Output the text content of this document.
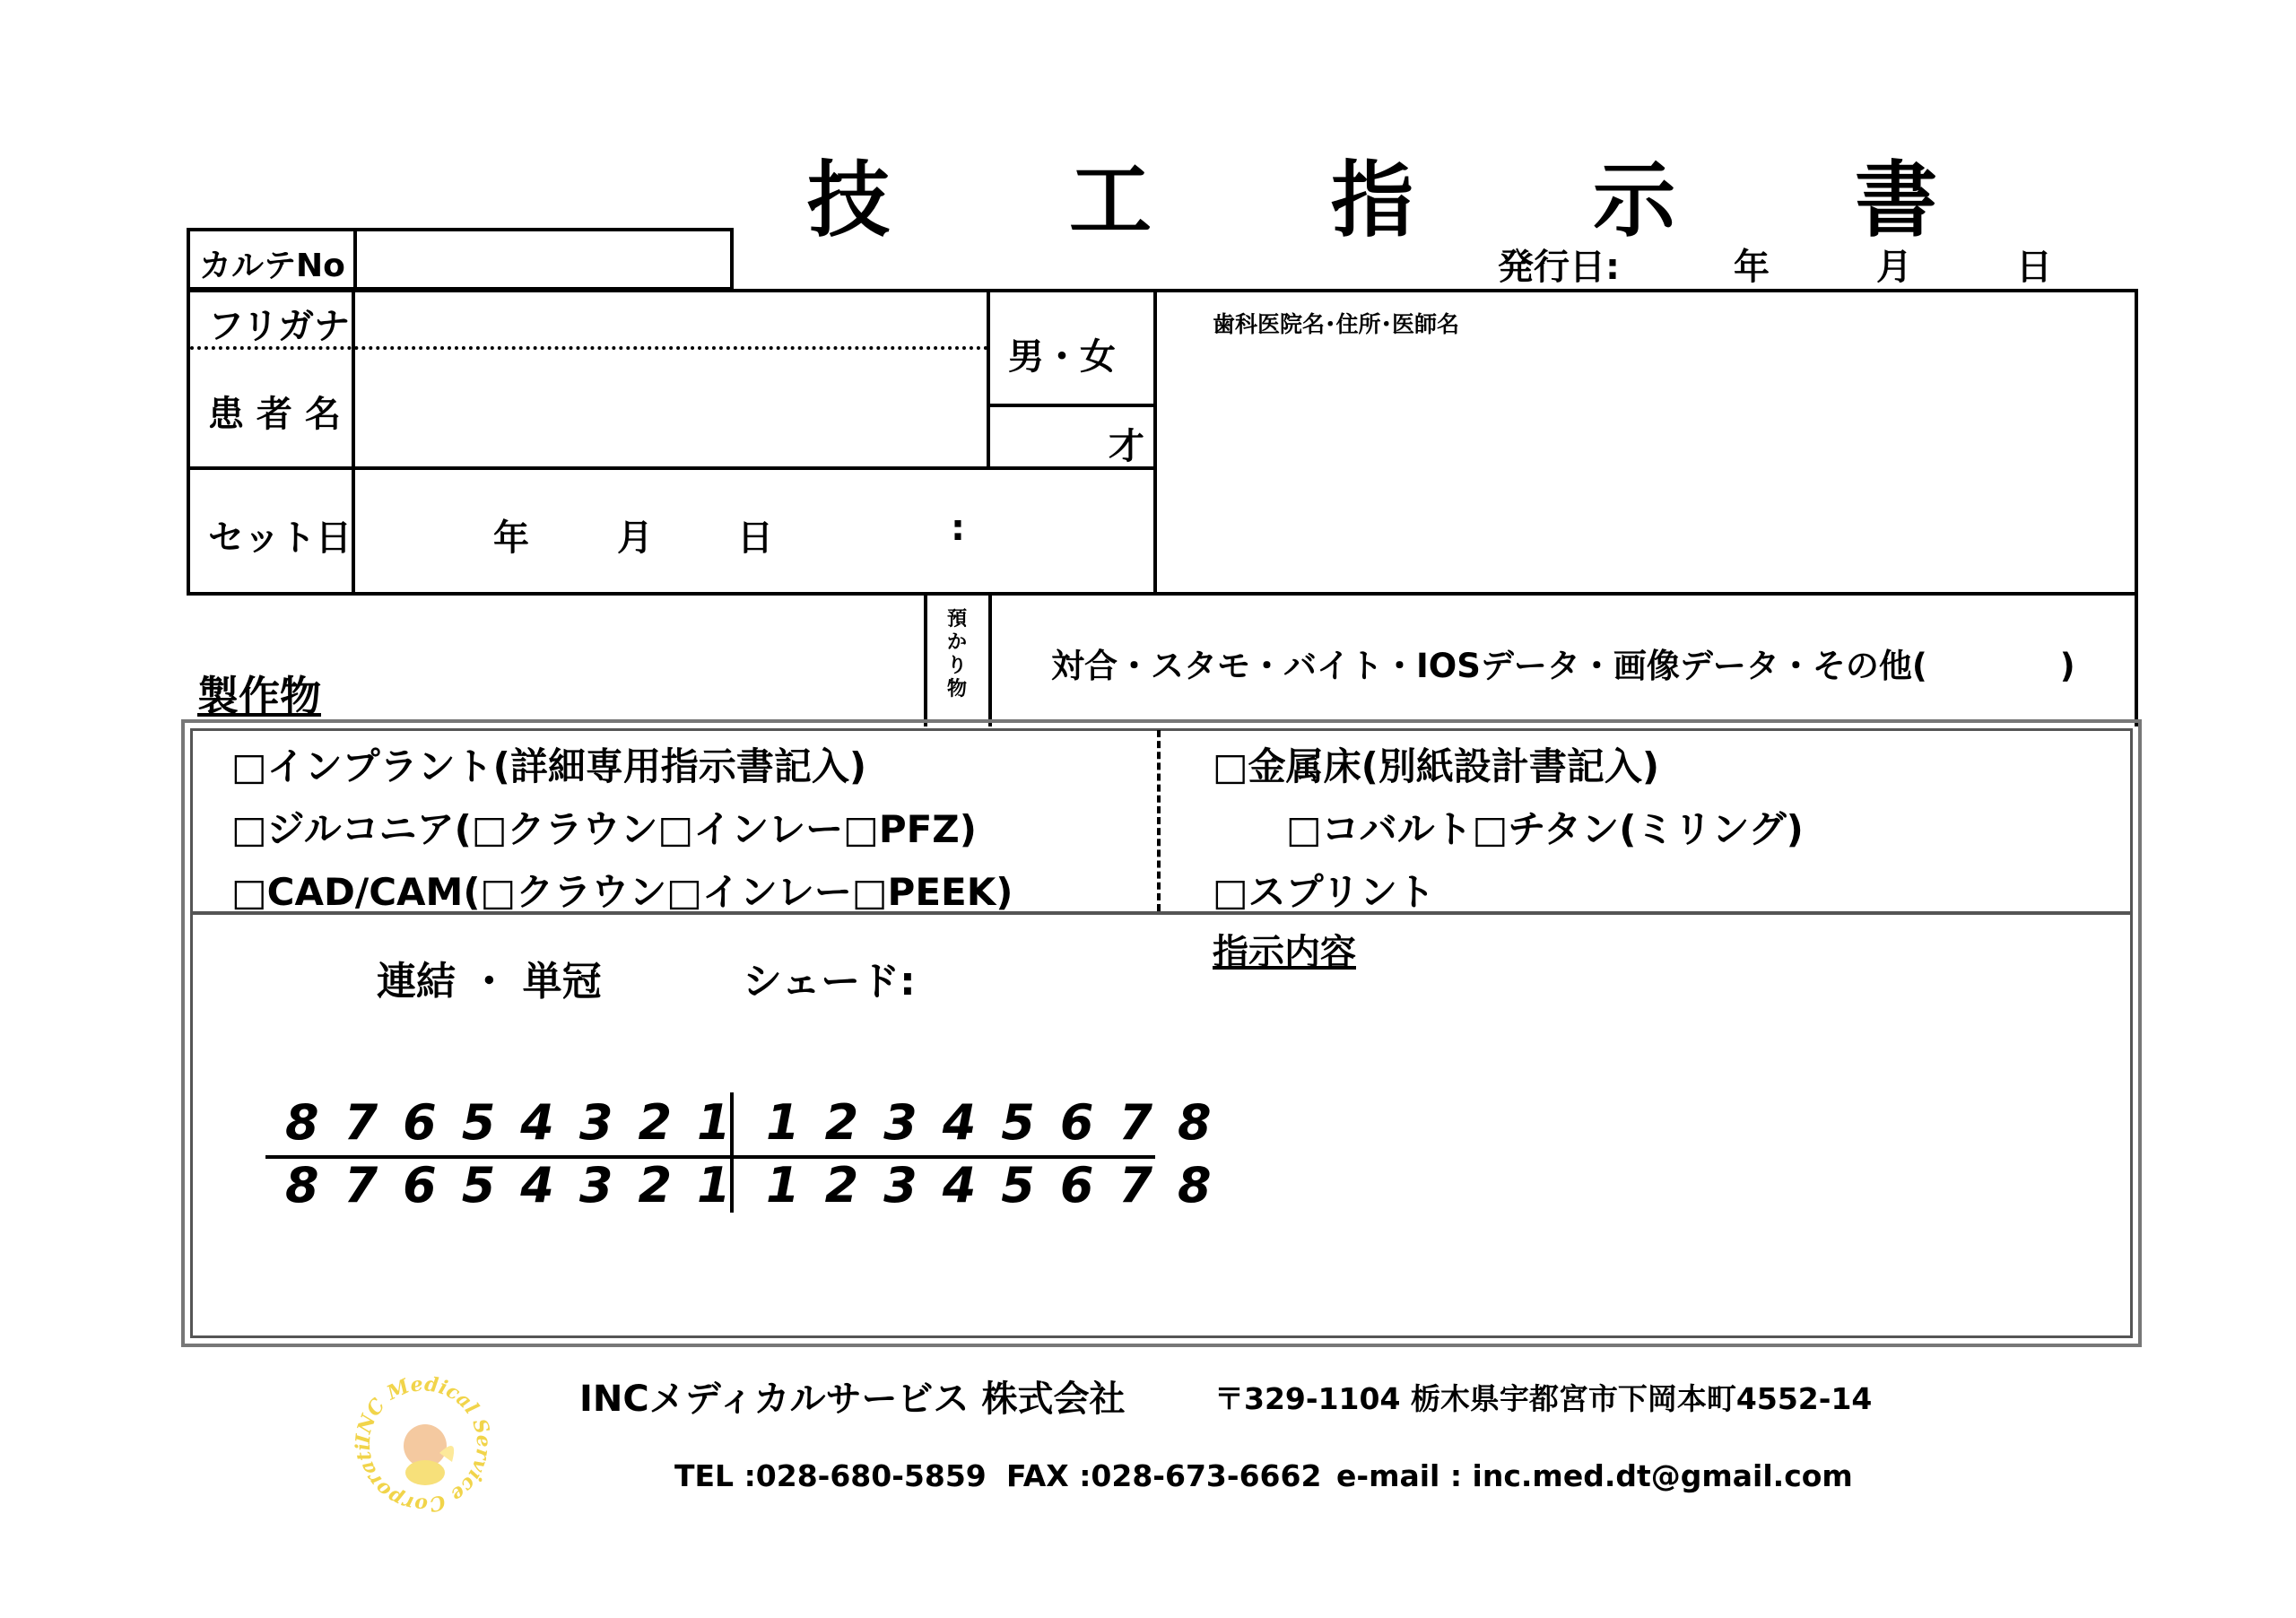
技 工 指 示 書
カルテNo	発行日:	年	月	日
フリガナ
患 者 名
男・女
才
セット日	年 月 日	:
歯科医院名･住所･医師名
預かり物
対合・スタモ・バイト・IOSデータ・画像データ・その他(　　　　)
製作物
□インプラント(詳細専用指示書記入)
□ジルコニア(□クラウン□インレー□PFZ)
□CAD/CAM(□クラウン□インレー□PEEK)
□金属床(別紙設計書記入)
□コバルト□チタン(ミリング)
□スプリント
指示内容
連結 ・ 単冠	シェード:
87654321 12345678
87654321 12345678
INC Medical Service Corporati
INCメディカルサービス 株式会社	〒329-1104 栃木県宇都宮市下岡本町4552-14
TEL :028-680-5859 FAX :028-673-6662 e-mail : inc.med.dt@gmail.com
